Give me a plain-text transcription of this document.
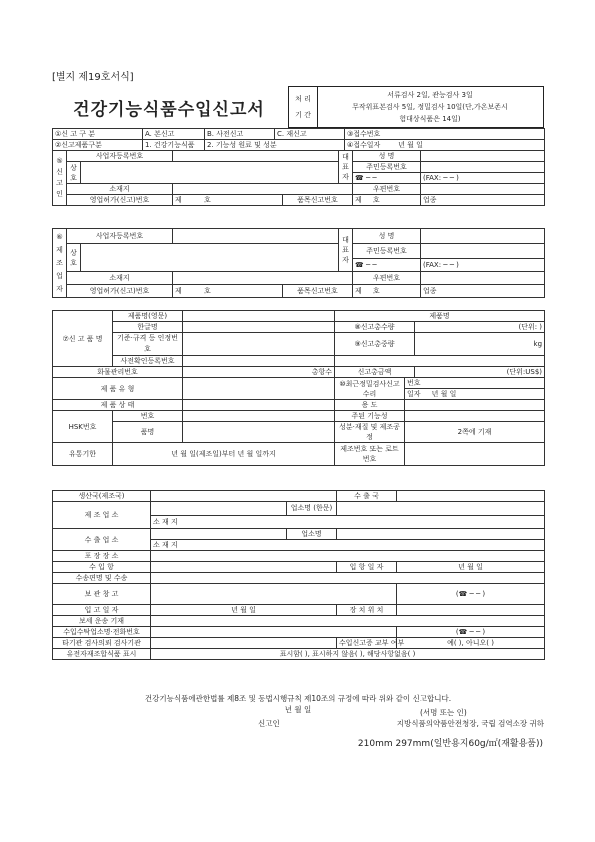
[별지 제19호서식]
건강기능식품수입신고서
처 리
기 간
서류검사 2일, 관능검사 3일
무작위표본검사 5일, 정밀검사 10일(단,가온보존시
험대상식품은 14일)
①신 고 구 분	A. 본신고	B. 사전신고	C. 재신고	③접수번호
②신고제품구분	1. 건강기능식품	2. 기능성 원료 및 성분		④접수일자 년 월 일
⑤ 신 고 인	사업자등록번호				대 표 자	성 명	
	상 호					주민등록번호	
						☎ ─ ─	(FAX: ─ ─ )
	소재지					우편번호	
	영업허가(신고)번호		제 호	품목신고번호		제 호	업종
⑥ 제 조 업 자	사업자등록번호				대 표 자	성 명	
	상 호					주민등록번호	
						☎ ─ ─	(FAX: ─ ─ )
	소재지					우편번호	
	영업허가(신고)번호		제 호	품목신고번호		제 호	업종
⑦신 고 품 명	제품명(영문)		제품명		
	한글명		⑧신고총수량		(단위: )
	기준·규격 등 인정번호		⑨신고총중량		kg

	사전확인등록번호				
화물관리번호		총항수	신고총금액		(단위:US$)
제 품 유 형			⑩최근정밀검사신고수리	번호	
				일자 년 월 일	
제 품 상 태			용 도		
HSK번호	번호		주된 기능성		
	품명		성분·재질 및 제조공정	2쪽에 기재	
유통기한	년 월 일(제조일)부터 년 월 일까지		제조번호 또는 로트번호		
생산국(제조국)			수 출 국	
제 조 업 소		업소명 (한문)		
	소 재 지			
수 출 업 소		업소명		
	소 재 지			
포 장 장 소				
수 입 항			입 항 일 자	년 월 일
수송편명 및 수송				
보 관 창 고				(☎ ─ ─ )
입 고 일 자	년 월 일		장 치 위 치	
보세 운송 기재				
수입수탁업소명·전화번호				(☎ ─ ─ )
타기관 검사의뢰 검사기관			수입신고증 교부 여부	예( ), 아니오( )
유전자재조합식품 표시	표시함( ), 표시하지 않음( ), 해당사항없음( )			
건강기능식품에관한법률 제8조 및 동법시행규칙 제10조의 규정에 따라 위와 같이 신고합니다.
년 월 일
신고인
(서명 또는 인)
지방식품의약품안전청장, 국립 검역소장 귀하
210mm 297mm(일반용지60g/㎡(재활용품))
